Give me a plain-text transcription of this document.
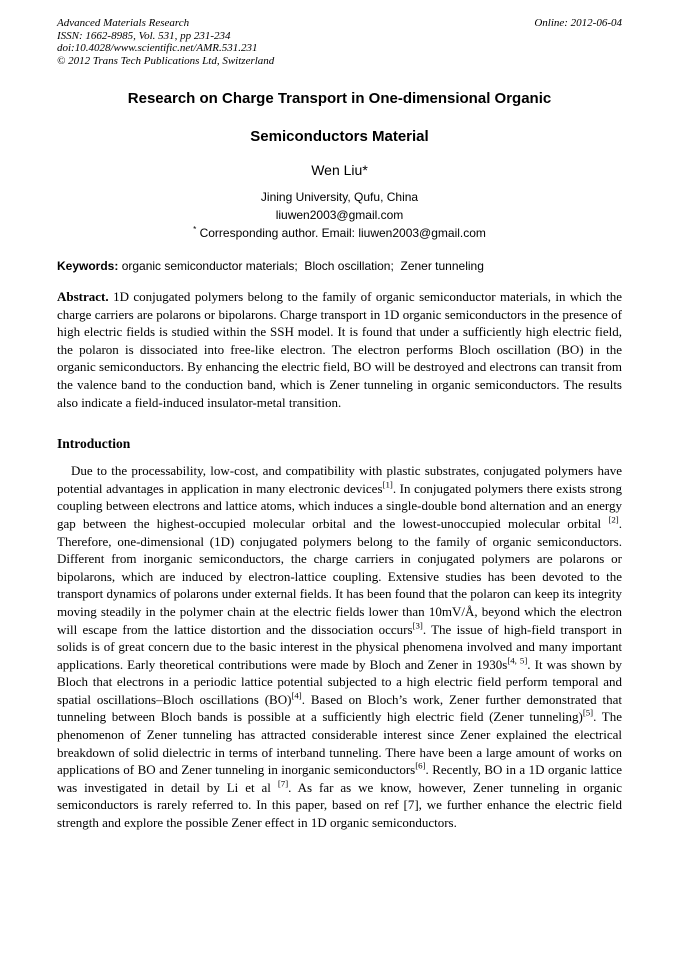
Advanced Materials Research
ISSN: 1662-8985, Vol. 531, pp 231-234
doi:10.4028/www.scientific.net/AMR.531.231
© 2012 Trans Tech Publications Ltd, Switzerland
Online: 2012-06-04
Research on Charge Transport in One-dimensional Organic
Semiconductors Material
Wen Liu*
Jining University, Qufu, China
liuwen2003@gmail.com
* Corresponding author. Email: liuwen2003@gmail.com
Keywords: organic semiconductor materials;  Bloch oscillation;  Zener tunneling
Abstract. 1D conjugated polymers belong to the family of organic semiconductor materials, in which the charge carriers are polarons or bipolarons. Charge transport in 1D organic semiconductors in the presence of high electric fields is studied within the SSH model. It is found that under a sufficiently high electric field, the polaron is dissociated into free-like electron. The electron performs Bloch oscillation (BO) in the organic semiconductors. By enhancing the electric field, BO will be destroyed and electrons can transit from the valence band to the conduction band, which is Zener tunneling in organic semiconductors. The results also indicate a field-induced insulator-metal transition.
Introduction
Due to the processability, low-cost, and compatibility with plastic substrates, conjugated polymers have potential advantages in application in many electronic devices[1]. In conjugated polymers there exists strong coupling between electrons and lattice atoms, which induces a single-double bond alternation and an energy gap between the highest-occupied molecular orbital and the lowest-unoccupied molecular orbital [2]. Therefore, one-dimensional (1D) conjugated polymers belong to the family of organic semiconductors. Different from inorganic semiconductors, the charge carriers in conjugated polymers are polarons or bipolarons, which are induced by electron-lattice coupling. Extensive studies has been devoted to the transport dynamics of polarons under external fields. It has been found that the polaron can keep its integrity moving steadily in the polymer chain at the electric fields lower than 10mV/Å, beyond which the electron will escape from the lattice distortion and the dissociation occurs[3]. The issue of high-field transport in solids is of great concern due to the basic interest in the physical phenomena involved and many important applications. Early theoretical contributions were made by Bloch and Zener in 1930s[4, 5]. It was shown by Bloch that electrons in a periodic lattice potential subjected to a high electric field perform temporal and spatial oscillations–Bloch oscillations (BO)[4]. Based on Bloch’s work, Zener further demonstrated that tunneling between Bloch bands is possible at a sufficiently high electric field (Zener tunneling)[5]. The phenomenon of Zener tunneling has attracted considerable interest since Zener explained the electrical breakdown of solid dielectric in terms of interband tunneling. There have been a large amount of works on applications of BO and Zener tunneling in inorganic semiconductors[6]. Recently, BO in a 1D organic lattice was investigated in detail by Li et al [7]. As far as we know, however, Zener tunneling in organic semiconductors is rarely referred to. In this paper, based on ref [7], we further enhance the electric field strength and explore the possible Zener effect in 1D organic semiconductors.
